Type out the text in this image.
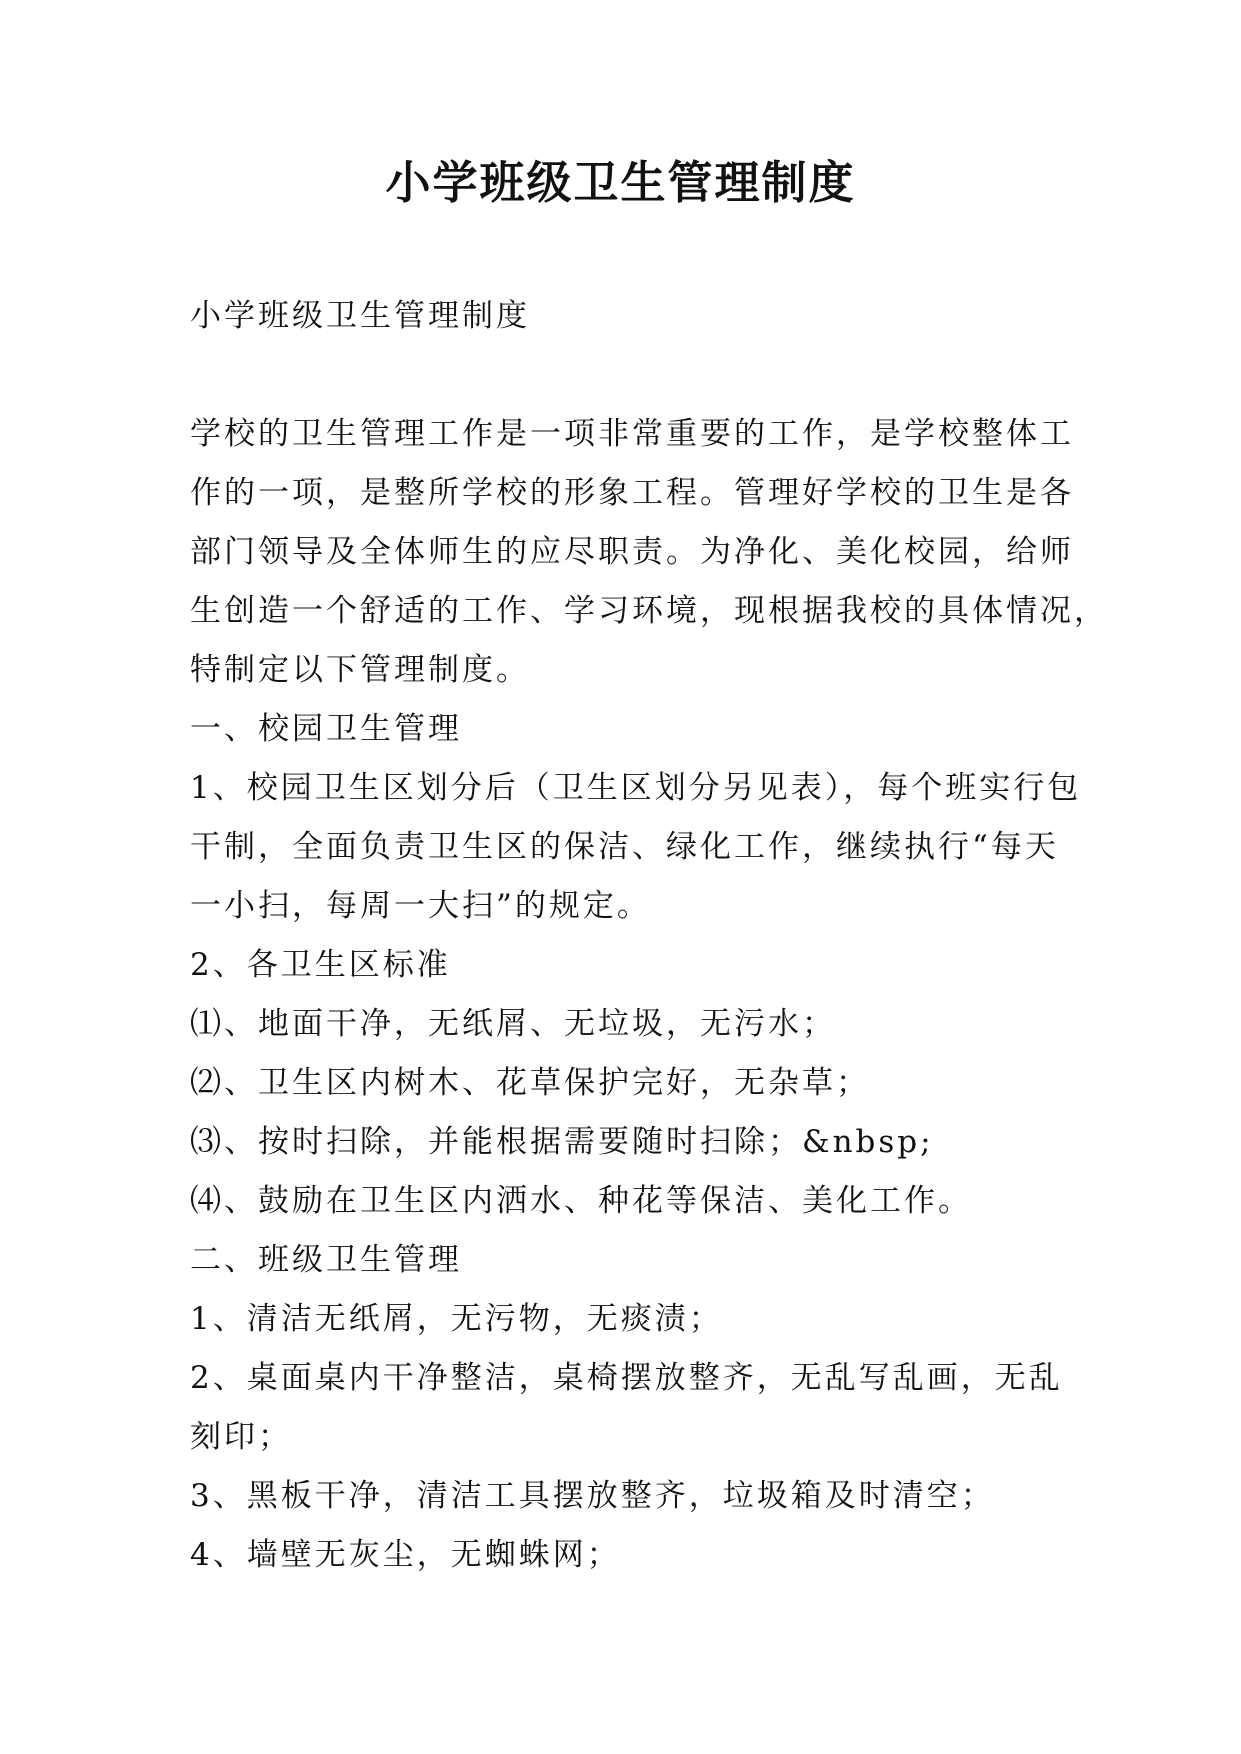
小学班级卫生管理制度

小学班级卫生管理制度

学校的卫生管理工作是一项非常重要的工作，是学校整体工
作的一项，是整所学校的形象工程。管理好学校的卫生是各
部门领导及全体师生的应尽职责。为净化、美化校园，给师
生创造一个舒适的工作、学习环境，现根据我校的具体情况，
特制定以下管理制度。

一、校园卫生管理

1、校园卫生区划分后（卫生区划分另见表），每个班实行包
干制，全面负责卫生区的保洁、绿化工作，继续执行“每天
一小扫，每周一大扫”的规定。

2、各卫生区标准

⑴、地面干净，无纸屑、无垃圾，无污水；

⑵、卫生区内树木、花草保护完好，无杂草；

⑶、按时扫除，并能根据需要随时扫除；&nbsp;

⑷、鼓励在卫生区内洒水、种花等保洁、美化工作。

二、班级卫生管理

1、清洁无纸屑，无污物，无痰渍；

2、桌面桌内干净整洁，桌椅摆放整齐，无乱写乱画，无乱
刻印；

3、黑板干净，清洁工具摆放整齐，垃圾箱及时清空；

4、墙壁无灰尘，无蜘蛛网；
